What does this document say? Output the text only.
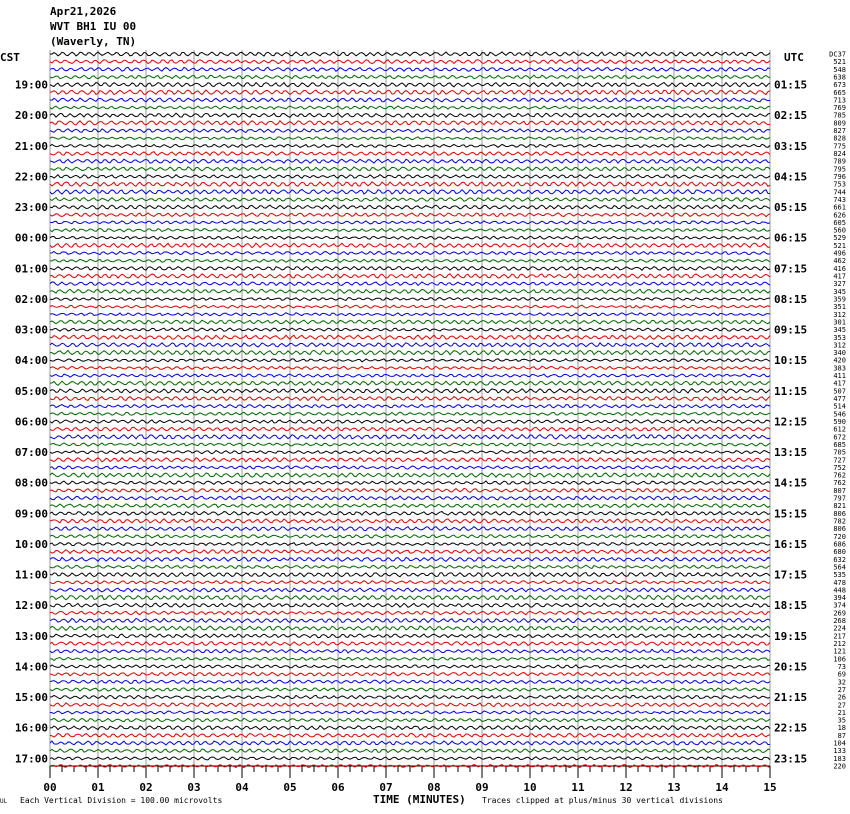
Apr21,2026
WVT BH1 IU 00
(Waverly, TN)
00	01	02	03	04	05	06	07	08	09	10	11	12	13	14	15
DC37
521
548
638
673
665
713
769
785
809
827
828
775
824
789
795
796
753
744
743
661
626
605
560
529
521
496
462
416
417
327
345
359
351
312
301
345
353
312
340
420
383
411
417
507
477
514
546
590
612
672
685
705
727
752
762
762
807
797
821
806
782
806
720
686
680
632
564
535
478
448
394
374
269
268
224
217
212
121
106
73
69
32
27
26
27
21
35
18
87
104
133
183
220
19:00
20:00
21:00
22:00
23:00
00:00
01:00
02:00
03:00
04:00
05:00
06:00
07:00
08:00
09:00
10:00
11:00
12:00
13:00
14:00
15:00
16:00
17:00
01:15
02:15
03:15
04:15
05:15
06:15
07:15
08:15
09:15
10:15
11:15
12:15
13:15
14:15
15:15
16:15
17:15
18:15
19:15
20:15
21:15
22:15
23:15
CST	UTC
UL Each Vertical Division = 100.00 microvolts	TIME (MINUTES) Traces clipped at plus/minus 30 vertical divisions
